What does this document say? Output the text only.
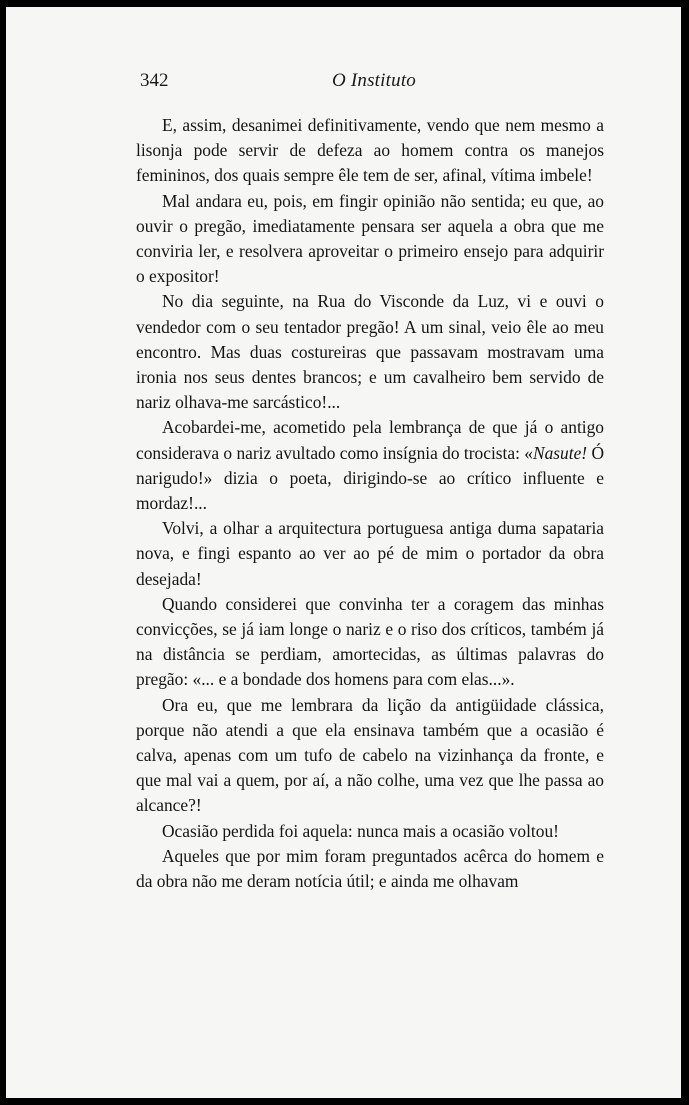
342	O Instituto

E, assim, desanimei definitivamente, vendo que nem mesmo a lisonja pode servir de defeza ao homem contra os manejos femininos, dos quais sempre êle tem de ser, afinal, vítima imbele!

Mal andara eu, pois, em fingir opinião não sentida; eu que, ao ouvir o pregão, imediatamente pensara ser aquela a obra que me conviria ler, e resolvera aproveitar o primeiro ensejo para adquirir o expositor!

No dia seguinte, na Rua do Visconde da Luz, vi e ouvi o vendedor com o seu tentador pregão! A um sinal, veio êle ao meu encontro. Mas duas costureiras que passavam mostravam uma ironia nos seus dentes brancos; e um cavalheiro bem servido de nariz olhava-me sarcástico!...

Acobardei-me, acometido pela lembrança de que já o antigo considerava o nariz avultado como insígnia do trocista: «Nasute! Ó narigudo!» dizia o poeta, dirigindo-se ao crítico influente e mordaz!...

Volvi, a olhar a arquitectura portuguesa antiga duma sapataria nova, e fingi espanto ao ver ao pé de mim o portador da obra desejada!

Quando considerei que convinha ter a coragem das minhas convicções, se já iam longe o nariz e o riso dos críticos, também já na distância se perdiam, amortecidas, as últimas palavras do pregão: «... e a bondade dos homens para com elas...».

Ora eu, que me lembrara da lição da antigüidade clássica, porque não atendi a que ela ensinava também que a ocasião é calva, apenas com um tufo de cabelo na vizinhança da fronte, e que mal vai a quem, por aí, a não colhe, uma vez que lhe passa ao alcance?!

Ocasião perdida foi aquela: nunca mais a ocasião voltou!

Aqueles que por mim foram preguntados acêrca do homem e da obra não me deram notícia útil; e ainda me olhavam
